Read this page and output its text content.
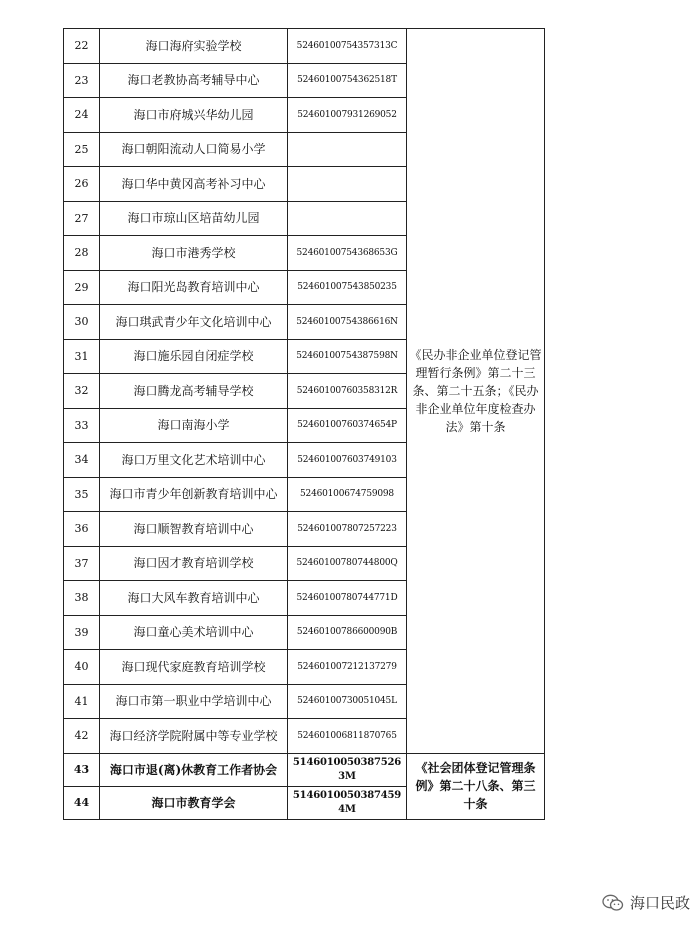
22	海口海府实验学校	52460100754357313C	《民办非企业单位登记管理暂行条例》第二十三条、第二十五条；《民办非企业单位年度检查办法》第十条
23	海口老教协高考辅导中心	52460100754362518T	
24	海口市府城兴华幼儿园	524601007931269052	
25	海口朝阳流动人口简易小学		
26	海口华中黄冈高考补习中心		
27	海口市琼山区培苗幼儿园		
28	海口市港秀学校	52460100754368653G	
29	海口阳光岛教育培训中心	524601007543850235	
30	海口琪武青少年文化培训中心	52460100754386616N	
31	海口施乐园自闭症学校	52460100754387598N	
32	海口腾龙高考辅导学校	52460100760358312R	
33	海口南海小学	52460100760374654P	
34	海口万里文化艺术培训中心	524601007603749103	
35	海口市青少年创新教育培训中心	524601006747590​98	
36	海口顺智教育培训中心	524601007807257223	
37	海口因才教育培训学校	52460100780744800Q	
38	海口大风车教育培训中心	52460100780744771D	
39	海口童心美术培训中心	52460100786600090B	
40	海口现代家庭教育培训学校	524601007212137279	
41	海口市第一职业中学培训中心	52460100730051045L	
42	海口经济学院附属中等专业学校	524601006811870765	
43	海口市退(离)休教育工作者协会	51460100503875263M	《社会团体登记管理条例》第二十八条、第三十条
44	海口市教育学会	51460100503874594M	
海口民政
